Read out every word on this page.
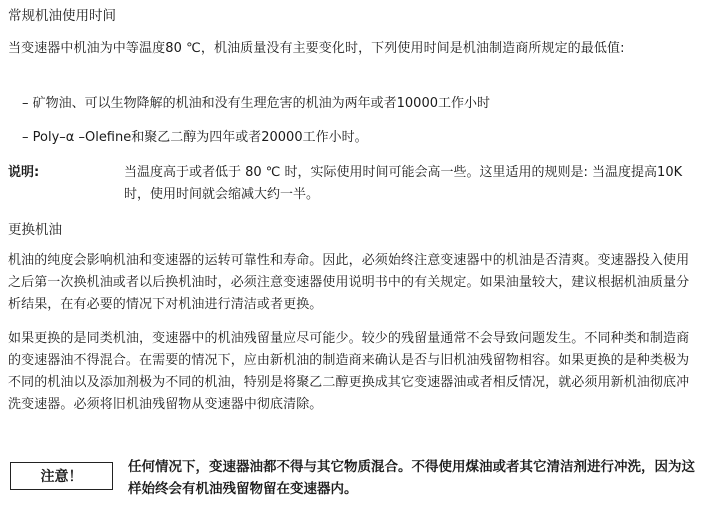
常规机油使用时间
当变速器中机油为中等温度80 ℃，机油质量没有主要变化时，下列使用时间是机油制造商所规定的最低值:
– 矿物油、可以生物降解的机油和没有生理危害的机油为两年或者10000工作小时
– Poly–α –Olefine和聚乙二醇为四年或者20000工作小时。
说明:	当温度高于或者低于 80 ℃ 时，实际使用时间可能会高一些。这里适用的规则是: 当温度提高10K时，使用时间就会缩减大约一半。
更换机油
机油的纯度会影响机油和变速器的运转可靠性和寿命。因此，必须始终注意变速器中的机油是否清爽。变速器投入使用之后第一次换机油或者以后换机油时，必须注意变速器使用说明书中的有关规定。如果油量较大，建议根据机油质量分析结果，在有必要的情况下对机油进行清洁或者更换。
如果更换的是同类机油，变速器中的机油残留量应尽可能少。较少的残留量通常不会导致问题发生。不同种类和制造商的变速器油不得混合。在需要的情况下，应由新机油的制造商来确认是否与旧机油残留物相容。如果更换的是种类极为不同的机油以及添加剂极为不同的机油，特别是将聚乙二醇更换成其它变速器油或者相反情况，就必须用新机油彻底冲洗变速器。必须将旧机油残留物从变速器中彻底清除。
注意！
任何情况下，变速器油都不得与其它物质混合。不得使用煤油或者其它清洁剂进行冲洗，因为这样始终会有机油残留物留在变速器内。
